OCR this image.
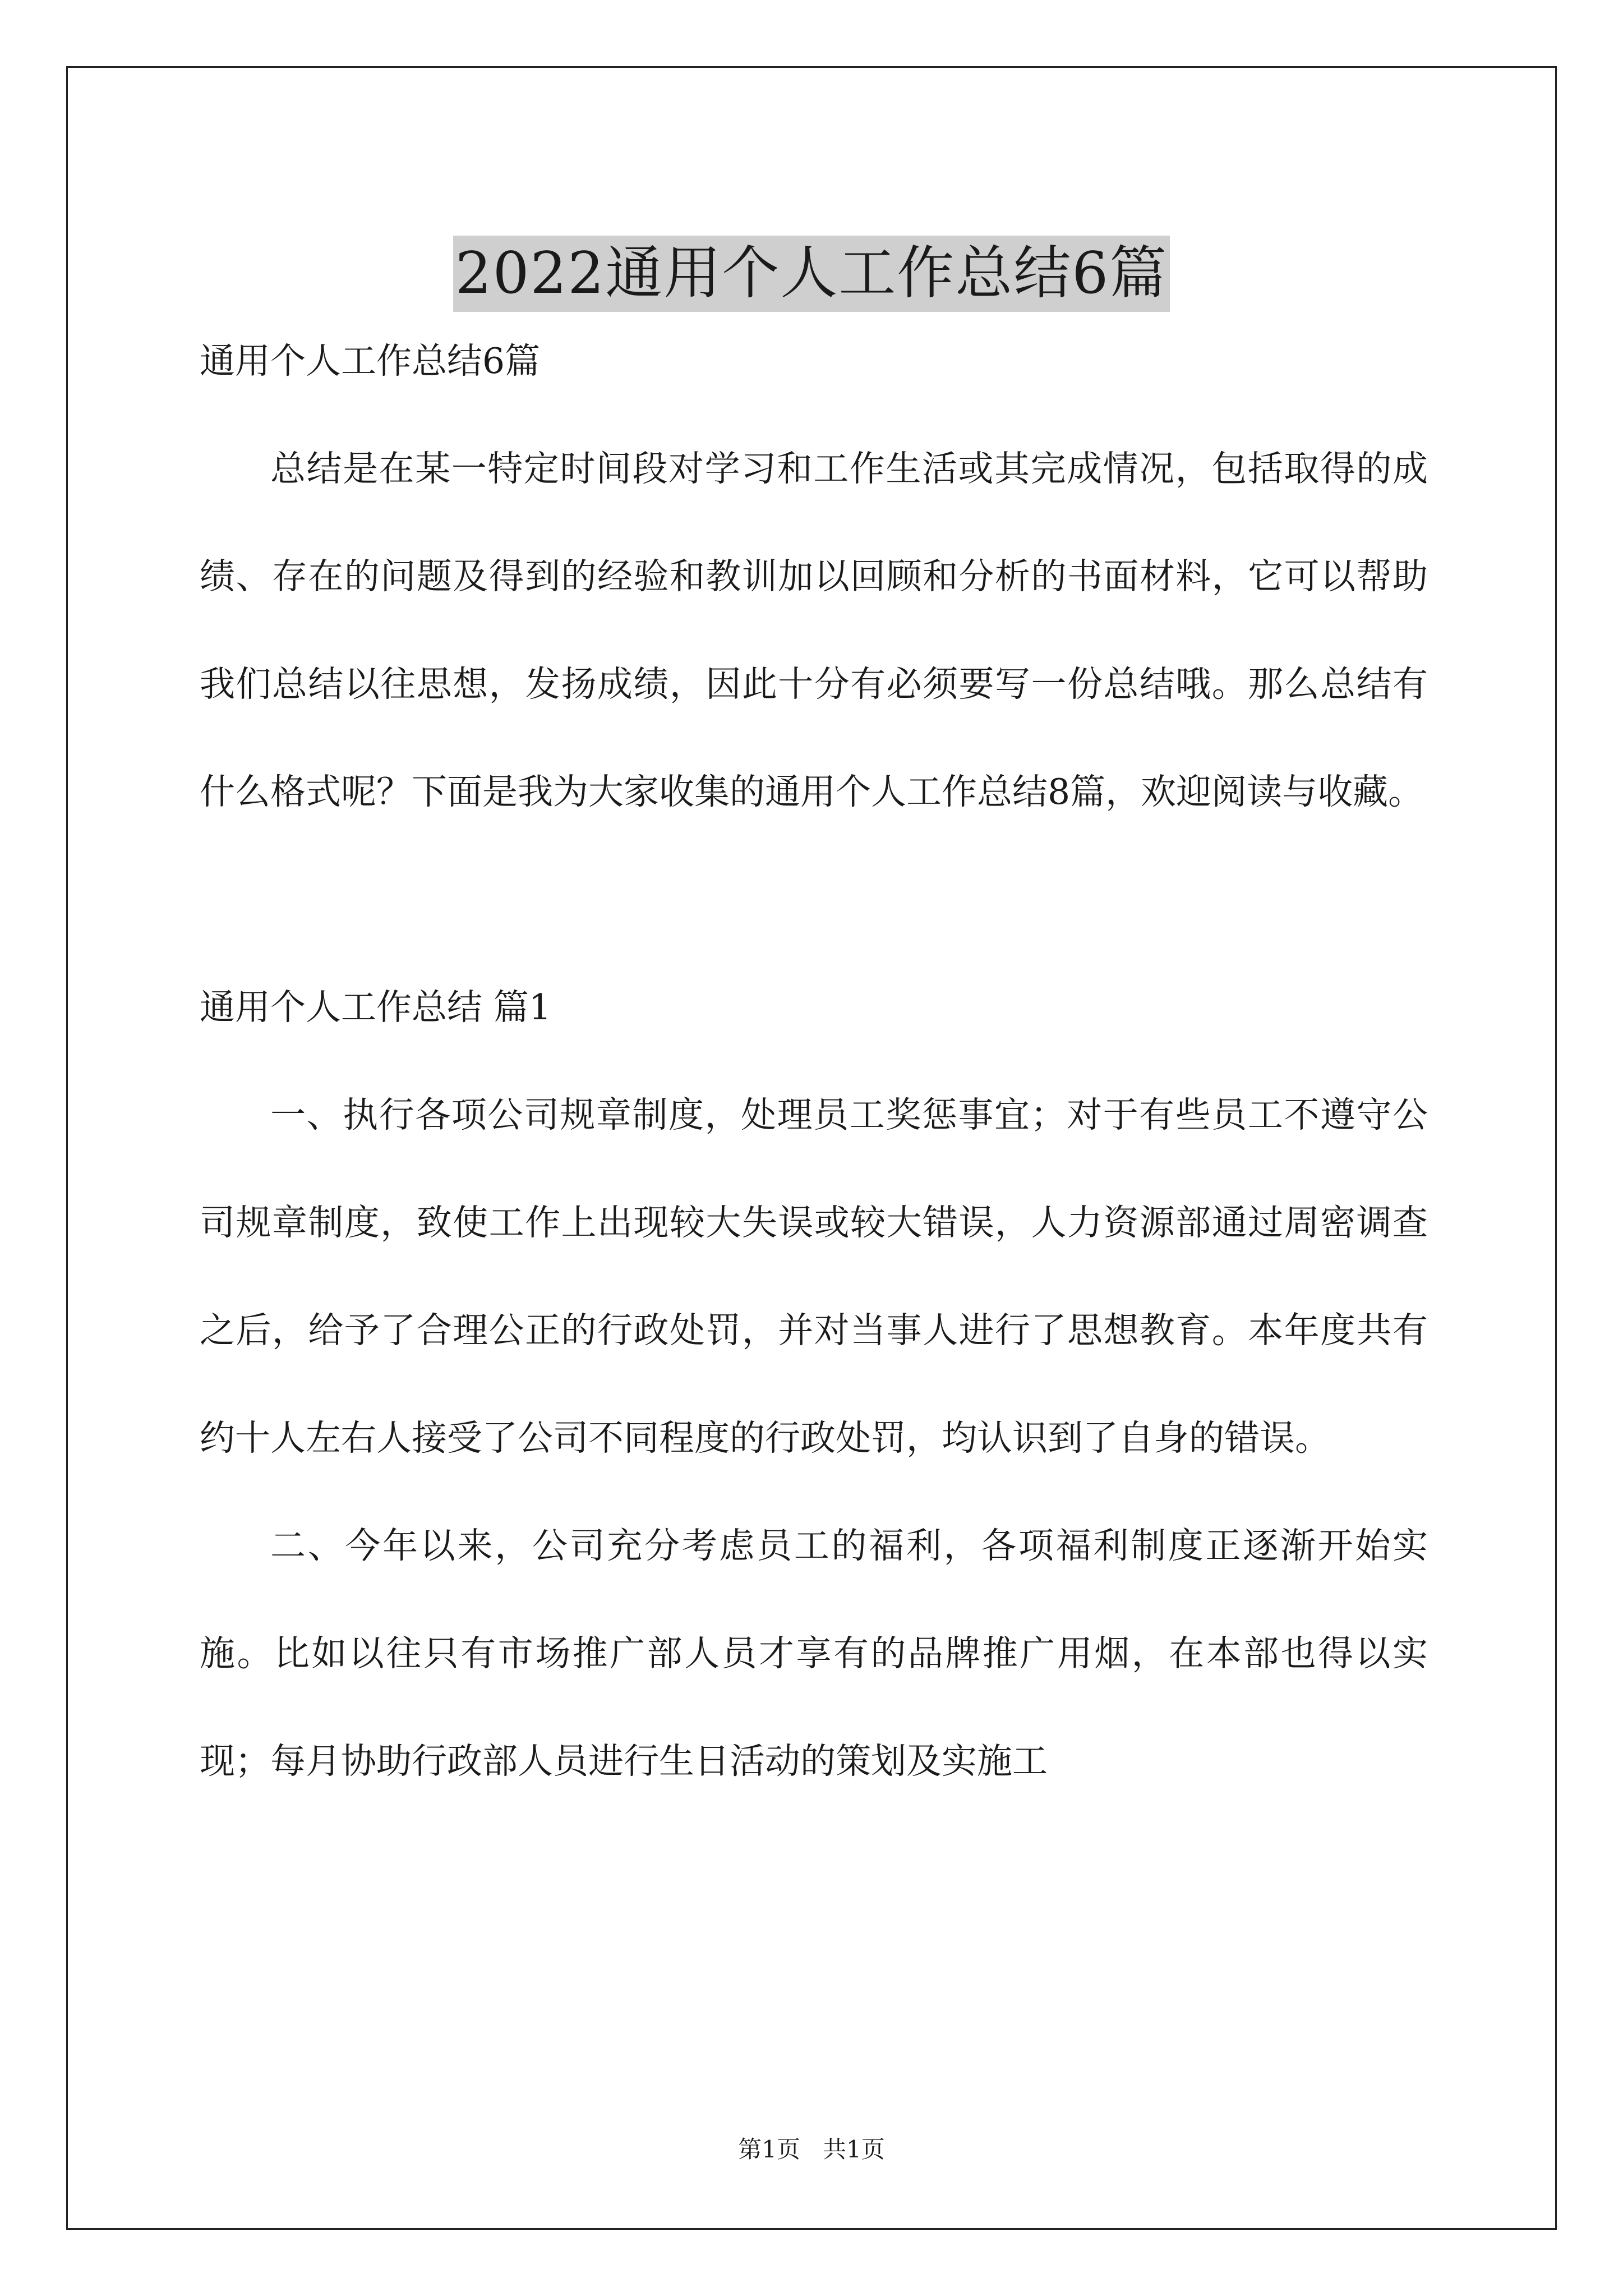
2022通用个人工作总结6篇

通用个人工作总结6篇

总结是在某一特定时间段对学习和工作生活或其完成情况，包括取得的成绩、存在的问题及得到的经验和教训加以回顾和分析的书面材料，它可以帮助我们总结以往思想，发扬成绩，因此十分有必须要写一份总结哦。那么总结有什么格式呢？下面是我为大家收集的通用个人工作总结8篇，欢迎阅读与收藏。

通用个人工作总结 篇1

一、执行各项公司规章制度，处理员工奖惩事宜；对于有些员工不遵守公司规章制度，致使工作上出现较大失误或较大错误，人力资源部通过周密调查之后，给予了合理公正的行政处罚，并对当事人进行了思想教育。本年度共有约十人左右人接受了公司不同程度的行政处罚，均认识到了自身的错误。

二、今年以来，公司充分考虑员工的福利，各项福利制度正逐渐开始实施。比如以往只有市场推广部人员才享有的品牌推广用烟，在本部也得以实现；每月协助行政部人员进行生日活动的策划及实施工

第1页   共1页
